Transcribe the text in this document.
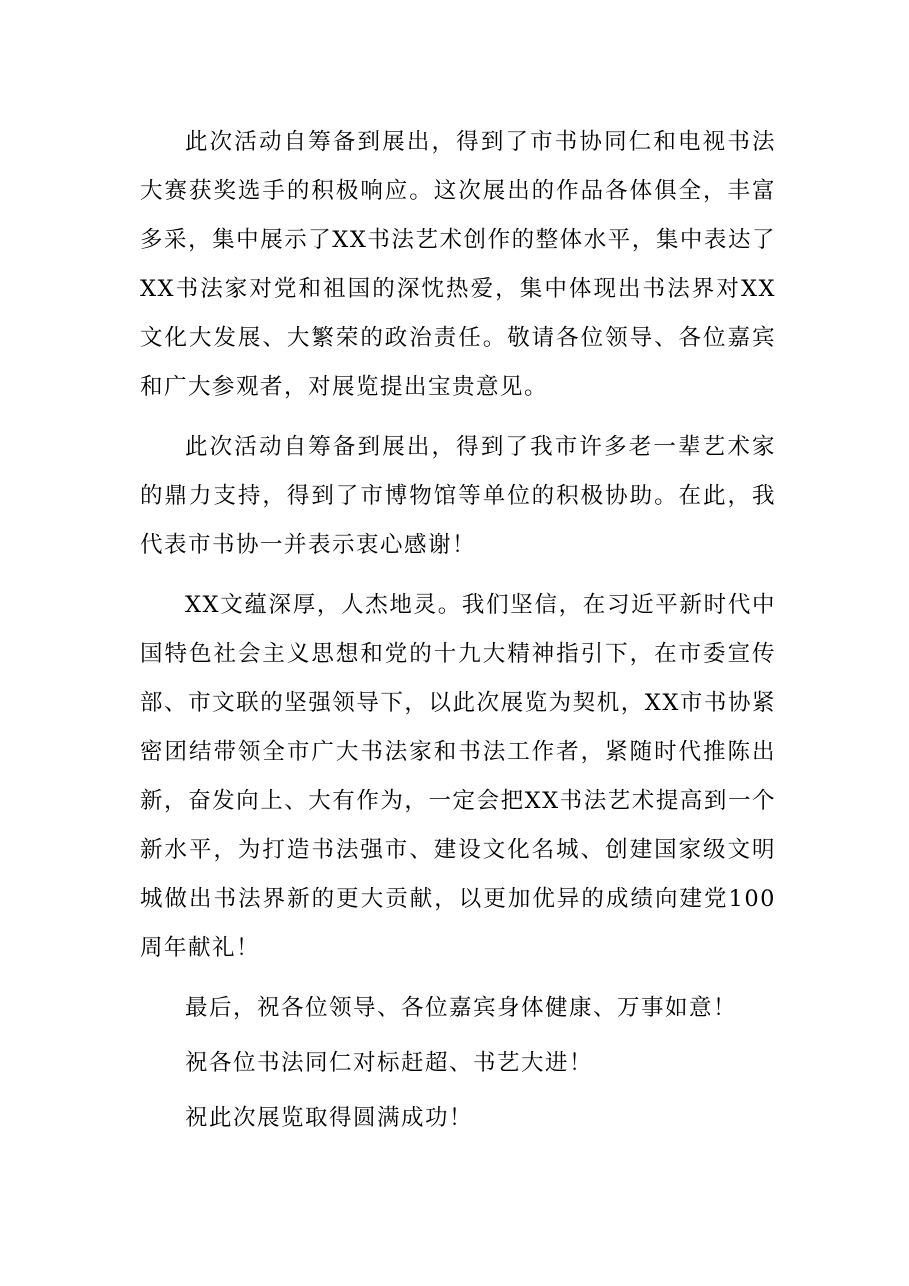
此次活动自筹备到展出，得到了市书协同仁和电视书法大赛获奖选手的积极响应。这次展出的作品各体俱全，丰富多采，集中展示了XX书法艺术创作的整体水平，集中表达了XX书法家对党和祖国的深忱热爱，集中体现出书法界对XX文化大发展、大繁荣的政治责任。敬请各位领导、各位嘉宾和广大参观者，对展览提出宝贵意见。

此次活动自筹备到展出，得到了我市许多老一辈艺术家的鼎力支持，得到了市博物馆等单位的积极协助。在此，我代表市书协一并表示衷心感谢！

XX文蕴深厚，人杰地灵。我们坚信，在习近平新时代中国特色社会主义思想和党的十九大精神指引下，在市委宣传部、市文联的坚强领导下，以此次展览为契机，XX市书协紧密团结带领全市广大书法家和书法工作者，紧随时代推陈出新，奋发向上、大有作为，一定会把XX书法艺术提高到一个新水平，为打造书法强市、建设文化名城、创建国家级文明城做出书法界新的更大贡献，以更加优异的成绩向建党100周年献礼！

最后，祝各位领导、各位嘉宾身体健康、万事如意！

祝各位书法同仁对标赶超、书艺大进！

祝此次展览取得圆满成功！
